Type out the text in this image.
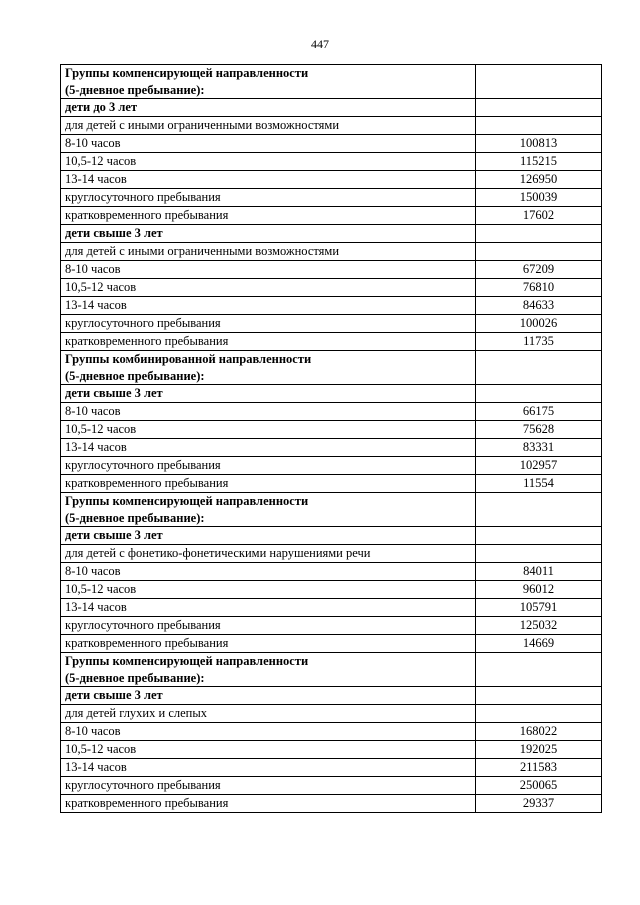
447
Группы компенсирующей направленности
(5-дневное пребывание):	

дети до 3 лет	
для детей с иными ограниченными возможностями	
8-10 часов	100813
10,5-12 часов	115215
13-14 часов	126950
круглосуточного пребывания	150039
кратковременного пребывания	17602
дети свыше 3 лет	
для детей с иными ограниченными возможностями	
8-10 часов	67209
10,5-12 часов	76810
13-14 часов	84633
круглосуточного пребывания	100026
кратковременного пребывания	11735

Группы комбинированной направленности
(5-дневное пребывание):	

дети свыше 3 лет	
8-10 часов	66175
10,5-12 часов	75628
13-14 часов	83331
круглосуточного пребывания	102957
кратковременного пребывания	11554

Группы компенсирующей направленности
(5-дневное пребывание):	

дети свыше 3 лет	
для детей с фонетико-фонетическими нарушениями речи	
8-10 часов	84011
10,5-12 часов	96012
13-14 часов	105791
круглосуточного пребывания	125032
кратковременного пребывания	14669

Группы компенсирующей направленности
(5-дневное пребывание):	

дети свыше 3 лет	
для детей глухих и слепых	
8-10 часов	168022
10,5-12 часов	192025
13-14 часов	211583
круглосуточного пребывания	250065
кратковременного пребывания	29337
